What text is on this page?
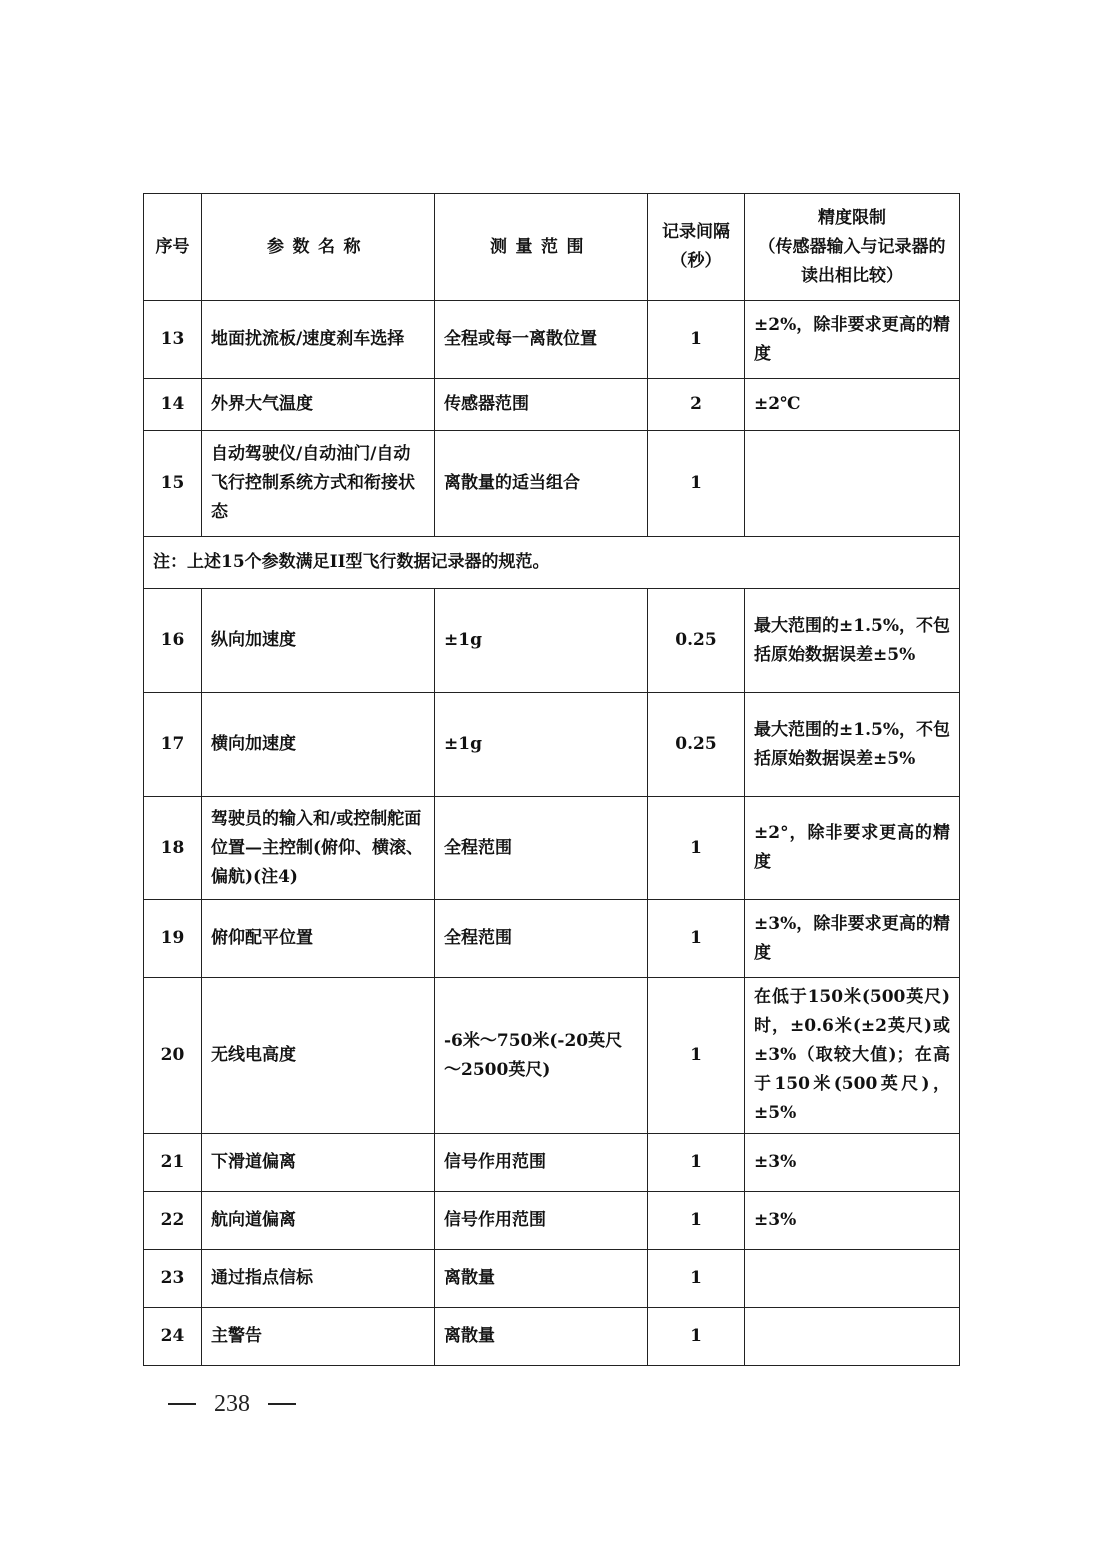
序号	参数名称	测量范围	记录间隔（秒）	精度限制
（传感器输入与记录器的读出相比较）

13	地面扰流板/速度刹车选择	全程或每一离散位置	1	±2%，除非要求更高的精度
14	外界大气温度	传感器范围	2	±2℃
15	自动驾驶仪/自动油门/自动飞行控制系统方式和衔接状态	离散量的适当组合	1	
注：上述15个参数满足II型飞行数据记录器的规范。				
16	纵向加速度	±1g	0.25	最大范围的±1.5%，不包括原始数据误差±5%
17	横向加速度	±1g	0.25	最大范围的±1.5%，不包括原始数据误差±5%
18	驾驶员的输入和/或控制舵面位置—主控制(俯仰、横滚、偏航)(注4)	全程范围	1	±2°，除非要求更高的精度
19	俯仰配平位置	全程范围	1	±3%，除非要求更高的精度
20	无线电高度	-6米～750米(-20英尺～2500英尺)	1	在低于150米(500英尺)时，±0.6米(±2英尺)或±3%（取较大值)；在高于150米(500英尺)，±5%
21	下滑道偏离	信号作用范围	1	±3%
22	航向道偏离	信号作用范围	1	±3%
23	通过指点信标	离散量	1	
24	主警告	离散量	1	
238
